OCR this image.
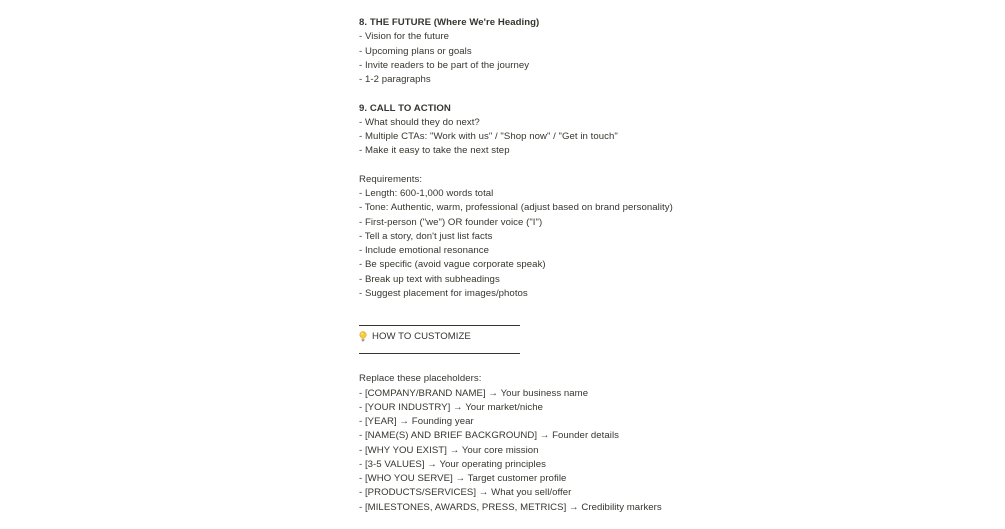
8. THE FUTURE (Where We're Heading)
- Vision for the future
- Upcoming plans or goals
- Invite readers to be part of the journey
- 1-2 paragraphs
9. CALL TO ACTION
- What should they do next?
- Multiple CTAs: "Work with us" / "Shop now" / "Get in touch"
- Make it easy to take the next step
Requirements:
- Length: 600-1,000 words total
- Tone: Authentic, warm, professional (adjust based on brand personality)
- First-person ("we") OR founder voice ("I")
- Tell a story, don't just list facts
- Include emotional resonance
- Be specific (avoid vague corporate speak)
- Break up text with subheadings
- Suggest placement for images/photos
HOW TO CUSTOMIZE
Replace these placeholders:
- [COMPANY/BRAND NAME] → Your business name
- [YOUR INDUSTRY] → Your market/niche
- [YEAR] → Founding year
- [NAME(S) AND BRIEF BACKGROUND] → Founder details
- [WHY YOU EXIST] → Your core mission
- [3-5 VALUES] → Your operating principles
- [WHO YOU SERVE] → Target customer profile
- [PRODUCTS/SERVICES] → What you sell/offer
- [MILESTONES, AWARDS, PRESS, METRICS] → Credibility markers
